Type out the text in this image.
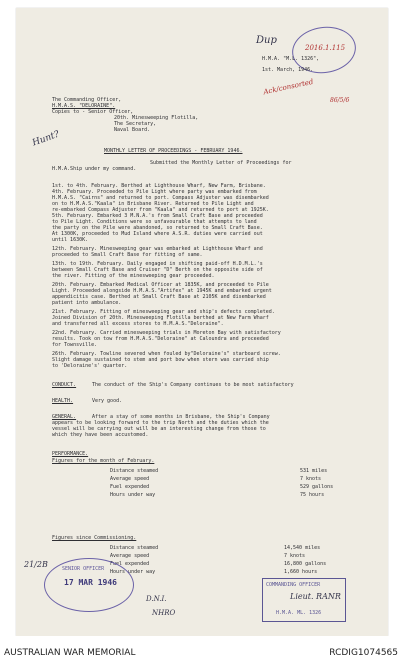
Dup
2016.1.115
H.M.A. "M.L. 1326",
1st. March, 1946.
Ack/consorted
86/5/6
The Commanding Officer,
H.M.A.S. "DELORAINE".
Copies to - Senior Officer,
20th. Minesweeping Flotilla,
The Secretary,
Naval Board.
Hunt?
MONTHLY LETTER OF PROCEEDINGS - FEBRUARY 1946.
Submitted the Monthly Letter of Proceedings for
H.M.A.Ship under my command.
1st. to 4th. February. Berthed at Lighthouse Wharf, New Farm, Brisbane.
4th. February. Proceeded to Pile Light where party was embarked from
H.M.A.S. "Cairns" and returned to port. Compass Adjuster was disembarked
on to H.M.A.S."Kaala" in Brisbane River. Returned to Pile Light and
re-embarked Compass Adjuster from "Kaala" and returned to port at 1925K.
5th. February. Embarked 3 M.N.A.'s from Small Craft Base and proceeded
to Pile Light. Conditions were so unfavourable that attempts to land
the party on the Pile were abandoned, so returned to Small Craft Base.
At 1300K, proceeded to Mud Island where A.S.R. duties were carried out
until 1630K.
12th. February. Minesweeping gear was embarked at Lighthouse Wharf and
proceeded to Small Craft Base for fitting of same.
13th. to 19th. February. Daily engaged in shifting paid-off H.D.M.L.'s
between Small Craft Base and Cruiser "D" Berth on the opposite side of
the river. Fitting of the minesweeping gear proceeded.
20th. February. Embarked Medical Officer at 1835K, and proceeded to Pile
Light. Proceeded alongside H.M.A.S."Artifex" at 1945K and embarked urgent
appendicitis case. Berthed at Small Craft Base at 2105K and disembarked
patient into ambulance.
21st. February. Fitting of minesweeping gear and ship's defects completed.
Joined Division of 20th. Minesweeping Flotilla berthed at New Farm Wharf
and transferred all excess stores to H.M.A.S."Deloraine".
22nd. February. Carried minesweeping trials in Moreton Bay with satisfactory
results. Took on tow from H.M.A.S."Deloraine" at Caloundra and proceeded
for Townsville.
26th. February. Towline severed when fouled by"Deloraine's" starboard screw.
Slight damage sustained to stem and port bow when stern was carried ship
to 'Deloraine's' quarter.
CONDUCT.	The conduct of the Ship's Company continues to be most satisfactory
HEALTH.	Very good.
GENERAL.	After a stay of some months in Brisbane, the Ship's Company
appears to be looking forward to the trip North and the duties which the
vessel will be carrying out will be an interesting change from those to
which they have been accustomed.
PERFORMANCE.
Figures for the month of February.
Distance steamed	531 miles
Average speed	7 knots
Fuel expended	529 gallons
Hours under way	75 hours
Figures since Commissioning.
Distance steamed	14,540 miles
Average speed	7 knots
Fuel expended	16,800 gallons
Hours under way	1,660 hours
21/2B	SENIOR OFFICER
17 MAR 1946
D.N.I.
NHRO
COMMANDING OFFICER
Lieut. RANR
H.M.A. ML. 1326
AUSTRALIAN WAR MEMORIAL	RCDIG1074565
